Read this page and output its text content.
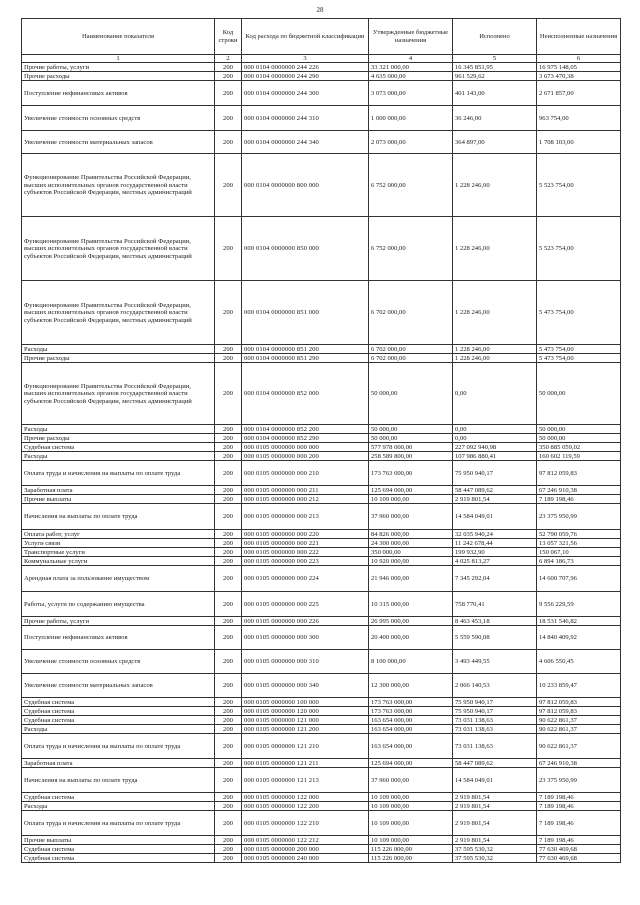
28
Наименование показателя	Код строки	Код расхода по бюджетной классификации	Утвержденные бюджетные назначения	Исполнено	Неисполненные назначения
1	2	3	4	5	6
Прочие работы, услуги	200	000 0104 0000000 244 226	33 321 000,00	16 345 851,95	16 975 148,05
Прочие расходы	200	000 0104 0000000 244 290	4 635 000,00	961 529,62	3 673 470,38
Поступление нефинансовых активов	200	000 0104 0000000 244 300	3 073 000,00	401 143,00	2 671 857,00
Увеличение стоимости основных средств	200	000 0104 0000000 244 310	1 000 000,00	36 246,00	963 754,00
Увеличение стоимости материальных запасов	200	000 0104 0000000 244 340	2 073 000,00	364 897,00	1 708 103,00
Функционирование Правительства Российской Федерации, высших исполнительных органов государственной власти субъектов Российской Федерации, местных администраций	200	000 0104 0000000 800 000	6 752 000,00	1 228 246,00	5 523 754,00
Функционирование Правительства Российской Федерации, высших исполнительных органов государственной власти субъектов Российской Федерации, местных администраций	200	000 0104 0000000 850 000	6 752 000,00	1 228 246,00	5 523 754,00
Функционирование Правительства Российской Федерации, высших исполнительных органов государственной власти субъектов Российской Федерации, местных администраций	200	000 0104 0000000 851 000	6 702 000,00	1 228 246,00	5 473 754,00
Расходы	200	000 0104 0000000 851 200	6 702 000,00	1 228 246,00	5 473 754,00
Прочие расходы	200	000 0104 0000000 851 290	6 702 000,00	1 228 246,00	5 473 754,00
Функционирование Правительства Российской Федерации, высших исполнительных органов государственной власти субъектов Российской Федерации, местных администраций	200	000 0104 0000000 852 000	50 000,00	0,00	50 000,00
Расходы	200	000 0104 0000000 852 200	50 000,00	0,00	50 000,00
Прочие расходы	200	000 0104 0000000 852 290	50 000,00	0,00	50 000,00
Судебная система	200	000 0105 0000000 000 000	577 978 000,00	227 092 940,98	350 885 059,02
Расходы	200	000 0105 0000000 000 200	258 589 800,00	107 986 880,41	160 602 119,59
Оплата труда и начисления на выплаты по оплате труда	200	000 0105 0000000 000 210	173 763 000,00	75 950 940,17	97 812 059,83
Заработная плата	200	000 0105 0000000 000 211	125 694 000,00	58 447 089,62	67 246 910,38
Прочие выплаты	200	000 0105 0000000 000 212	10 109 000,00	2 919 801,54	7 189 198,46
Начисления на выплаты по оплате труда	200	000 0105 0000000 000 213	37 960 000,00	14 584 049,01	23 375 950,99
Оплата работ, услуг	200	000 0105 0000000 000 220	84 826 000,00	32 035 940,24	52 790 059,76
Услуги связи	200	000 0105 0000000 000 221	24 300 000,00	11 242 678,44	13 057 321,56
Транспортные услуги	200	000 0105 0000000 000 222	350 000,00	199 932,90	150 067,10
Коммунальные услуги	200	000 0105 0000000 000 223	10 920 000,00	4 025 813,27	6 894 186,73
Арендная плата за пользование имуществом	200	000 0105 0000000 000 224	21 946 000,00	7 345 292,04	14 600 707,96
Работы, услуги по содержанию имущества	200	000 0105 0000000 000 225	10 315 000,00	758 770,41	9 556 229,59
Прочие работы, услуги	200	000 0105 0000000 000 226	26 995 000,00	8 463 453,18	18 531 546,82
Поступление нефинансовых активов	200	000 0105 0000000 000 300	20 400 000,00	5 559 590,08	14 840 409,92
Увеличение стоимости основных средств	200	000 0105 0000000 000 310	8 100 000,00	3 493 449,55	4 606 550,45
Увеличение стоимости материальных запасов	200	000 0105 0000000 000 340	12 300 000,00	2 066 140,53	10 233 859,47
Судебная система	200	000 0105 0000000 100 000	173 763 000,00	75 950 940,17	97 812 059,83
Судебная система	200	000 0105 0000000 120 000	173 763 000,00	75 950 940,17	97 812 059,83
Судебная система	200	000 0105 0000000 121 000	163 654 000,00	73 031 138,63	90 622 861,37
Расходы	200	000 0105 0000000 121 200	163 654 000,00	73 031 138,63	90 622 861,37
Оплата труда и начисления на выплаты по оплате труда	200	000 0105 0000000 121 210	163 654 000,00	73 031 138,63	90 622 861,37
Заработная плата	200	000 0105 0000000 121 211	125 694 000,00	58 447 089,62	67 246 910,38
Начисления на выплаты по оплате труда	200	000 0105 0000000 121 213	37 960 000,00	14 584 049,01	23 375 950,99
Судебная система	200	000 0105 0000000 122 000	10 109 000,00	2 919 801,54	7 189 198,46
Расходы	200	000 0105 0000000 122 200	10 109 000,00	2 919 801,54	7 189 198,46
Оплата труда и начисления на выплаты по оплате труда	200	000 0105 0000000 122 210	10 109 000,00	2 919 801,54	7 189 198,46
Прочие выплаты	200	000 0105 0000000 122 212	10 109 000,00	2 919 801,54	7 189 198,46
Судебная система	200	000 0105 0000000 200 000	115 226 000,00	37 595 530,32	77 630 469,68
Судебная система	200	000 0105 0000000 240 000	115 226 000,00	37 595 530,32	77 630 469,68
